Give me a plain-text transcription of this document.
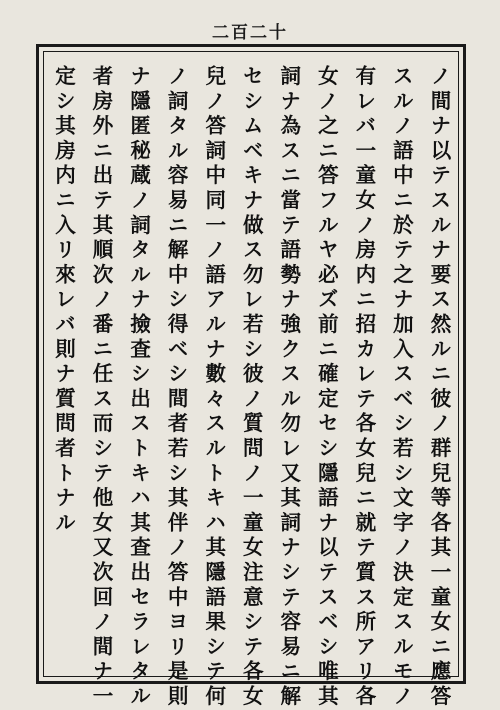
二百二十
ノ間ナ以テスルナ要ス然ルニ彼ノ群兒等各其一童女ニ應答
スルノ語中ニ於テ之ナ加入スベシ若シ文字ノ決定スルモノ
有レバ一童女ノ房内ニ招カレテ各女兒ニ就テ質ス所アリ各
女ノ之ニ答フルヤ必ズ前ニ確定セシ隱語ナ以テスベシ唯其
詞ナ為スニ當テ語勢ナ強クスル勿レ又其詞ナシテ容易ニ解
セシムベキナ做ス勿レ若シ彼ノ質問ノ一童女注意シテ各女
兒ノ答詞中同一ノ語アルナ數々スルトキハ其隱語果シテ何
ノ詞タル容易ニ解中シ得ベシ間者若シ其伴ノ答中ヨリ是則
ナ隱匿秘蔵ノ詞タルナ撿査シ出ストキハ其查出セラレタル
者房外ニ出テ其順次ノ番ニ任ス而シテ他女又次回ノ間ナ一
定シ其房内ニ入リ來レバ則ナ質問者トナル
